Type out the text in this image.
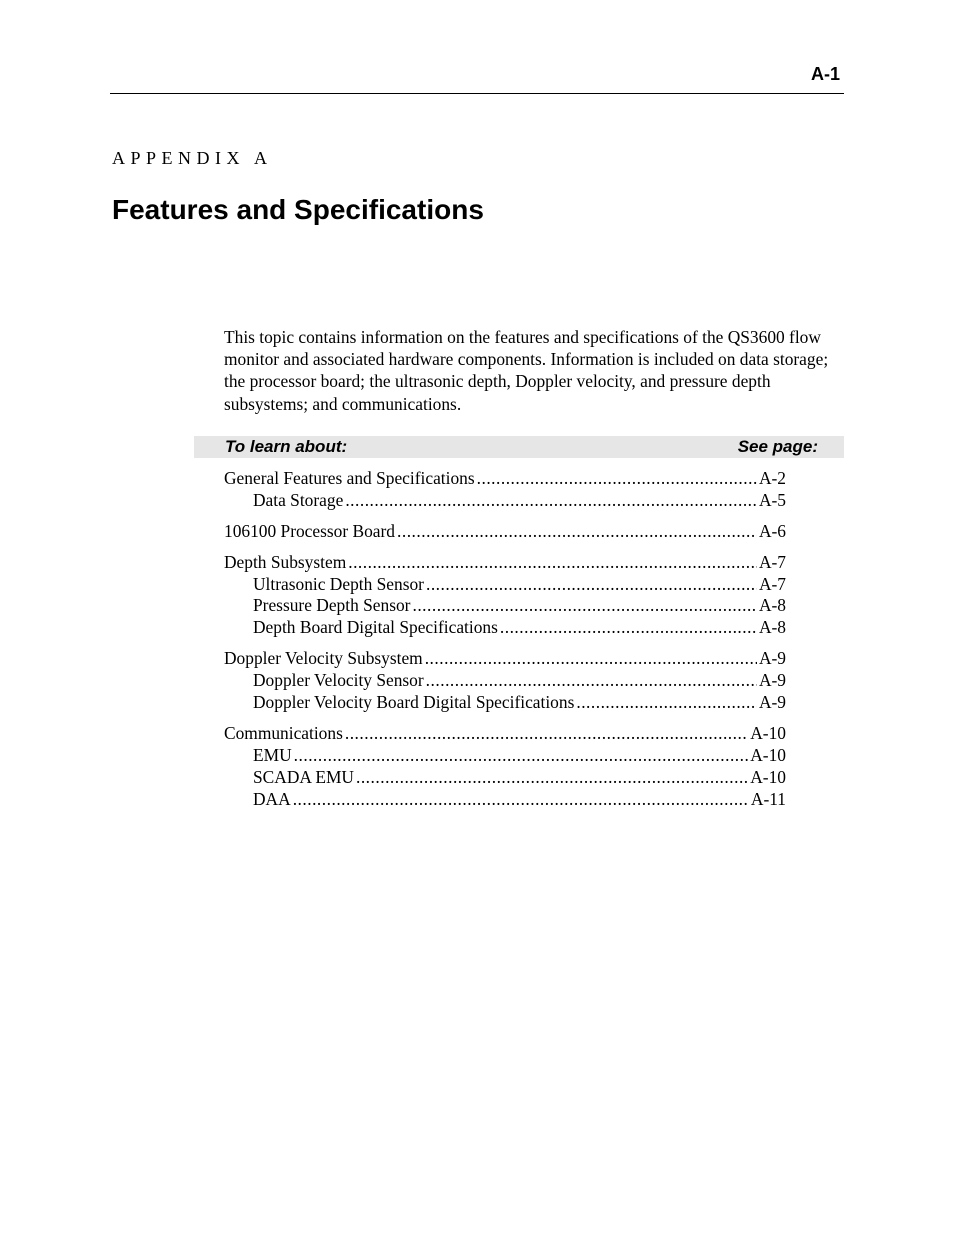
A-1
APPENDIX A
Features and Specifications

This topic contains information on the features and specifications of the QS3600 flow monitor and associated hardware components. Information is included on data storage; the processor board; the ultrasonic depth, Doppler velocity, and pressure depth subsystems; and communications.

To learn about:	See page:
General Features and Specifications .....	A-2
Data Storage .....	A-5
106100 Processor Board .....	A-6
Depth Subsystem .....	A-7
Ultrasonic Depth Sensor .....	A-7
Pressure Depth Sensor .....	A-8
Depth Board Digital Specifications .....	A-8
Doppler Velocity Subsystem .....	A-9
Doppler Velocity Sensor .....	A-9
Doppler Velocity Board Digital Specifications .....	A-9
Communications .....	A-10
EMU .....	A-10
SCADA EMU .....	A-10
DAA .....	A-11
